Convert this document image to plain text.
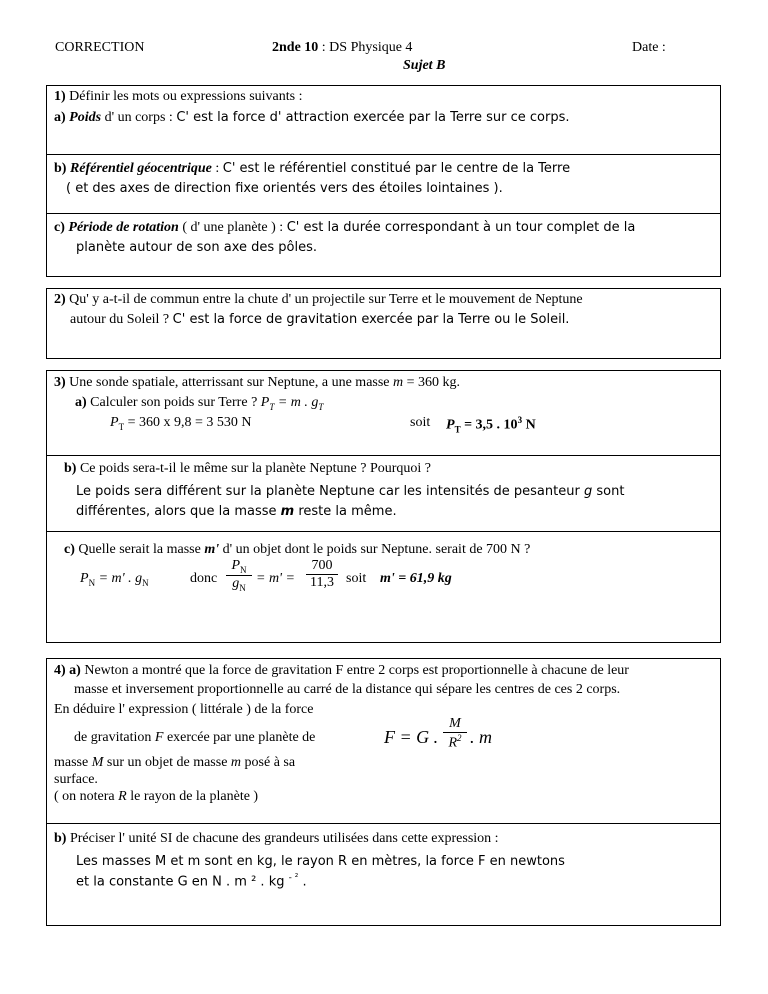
CORRECTION	2nde 10 : DS Physique 4	Date :
Sujet B
1) Définir les mots ou expressions suivants :
a) Poids d' un corps : C' est la force d' attraction exercée par la Terre sur ce corps.
b) Référentiel géocentrique : C' est le référentiel constitué par le centre de la Terre
( et des axes de direction fixe orientés vers des étoiles lointaines ).
c) Période de rotation ( d' une planète ) : C' est la durée correspondant à un tour complet de la
planète autour de son axe des pôles.
2) Qu' y a-t-il de commun entre la chute d' un projectile sur Terre et le mouvement de Neptune
autour du Soleil ? C' est la force de gravitation exercée par la Terre ou le Soleil.
3) Une sonde spatiale, atterrissant sur Neptune, a une masse m = 360 kg.
a) Calculer son poids sur Terre ? $P_T = m$ . $g_T$
$P_T = 360$ x 9,8 = 3 530 N	soit $P_T = 3,5$ . $10^3$ N
b) Ce poids sera-t-il le même sur la planète Neptune ? Pourquoi ?
Le poids sera différent sur la planète Neptune car les intensités de pesanteur g sont
différentes, alors que la masse m reste la même.
c) Quelle serait la masse m' d' un objet dont le poids sur Neptune. serait de 700 N ?
$P_N = m'$ . $g_N$	donc $\frac{P_N}{g_N} = m' = \frac{700}{11,3}$ soit m' = 61,9 kg
4) a) Newton a montré que la force de gravitation F entre 2 corps est proportionnelle à chacune de leur
masse et inversement proportionnelle au carré de la distance qui sépare les centres de ces 2 corps.
En déduire l' expression ( littérale ) de la force
de gravitation F exercée par une planète de
masse M sur un objet de masse m posé à sa
surface.
( on notera R le rayon de la planète )
F = G . $\frac{M}{R^2}$ . m
b) Préciser l' unité SI de chacune des grandeurs utilisées dans cette expression :
Les masses M et m sont en kg, le rayon R en mètres, la force F en newtons
et la constante G en N . m ² . kg $^{- ^2}$ .
